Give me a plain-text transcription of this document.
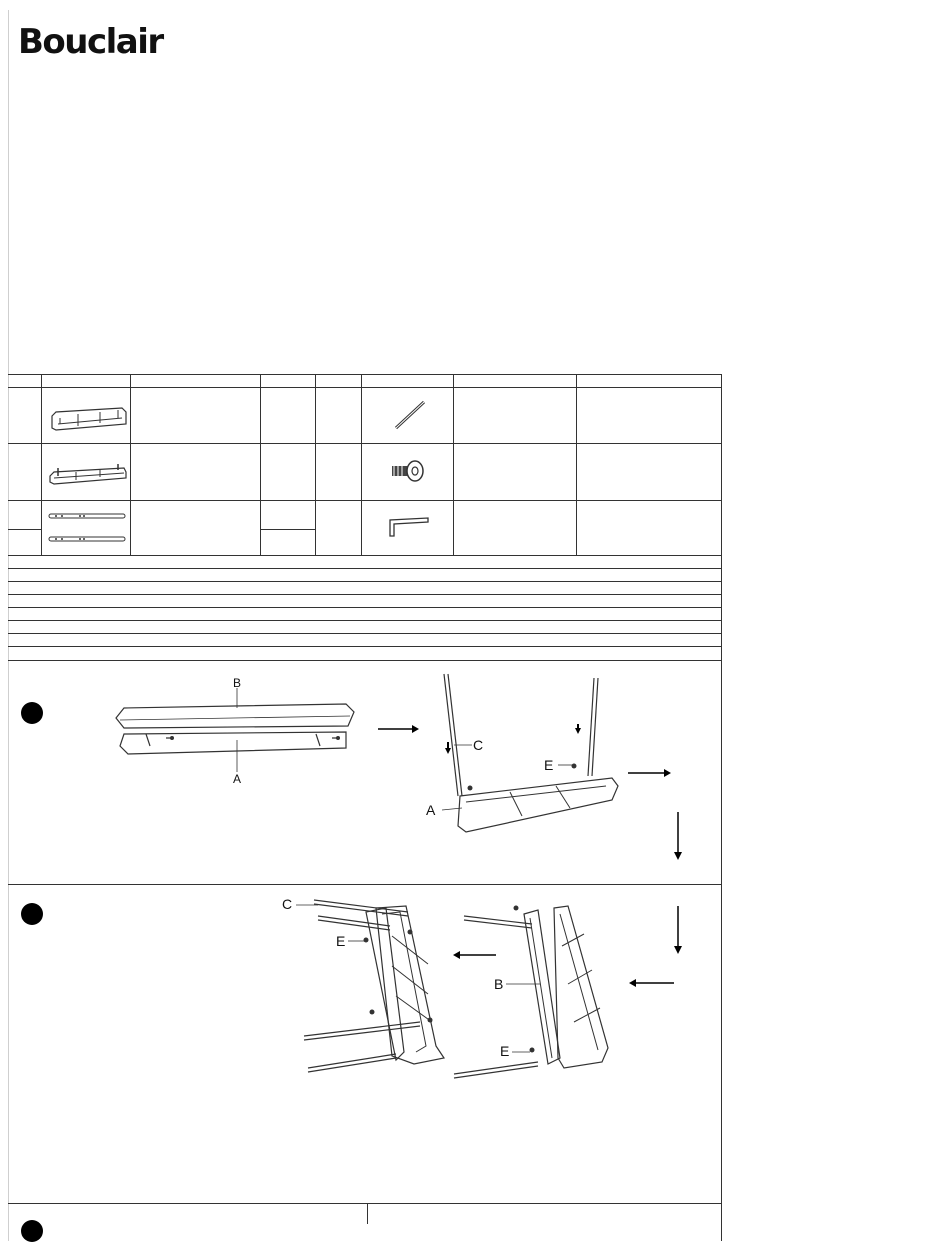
Bouclair
B
A
C
E
A
C
E
B
E
